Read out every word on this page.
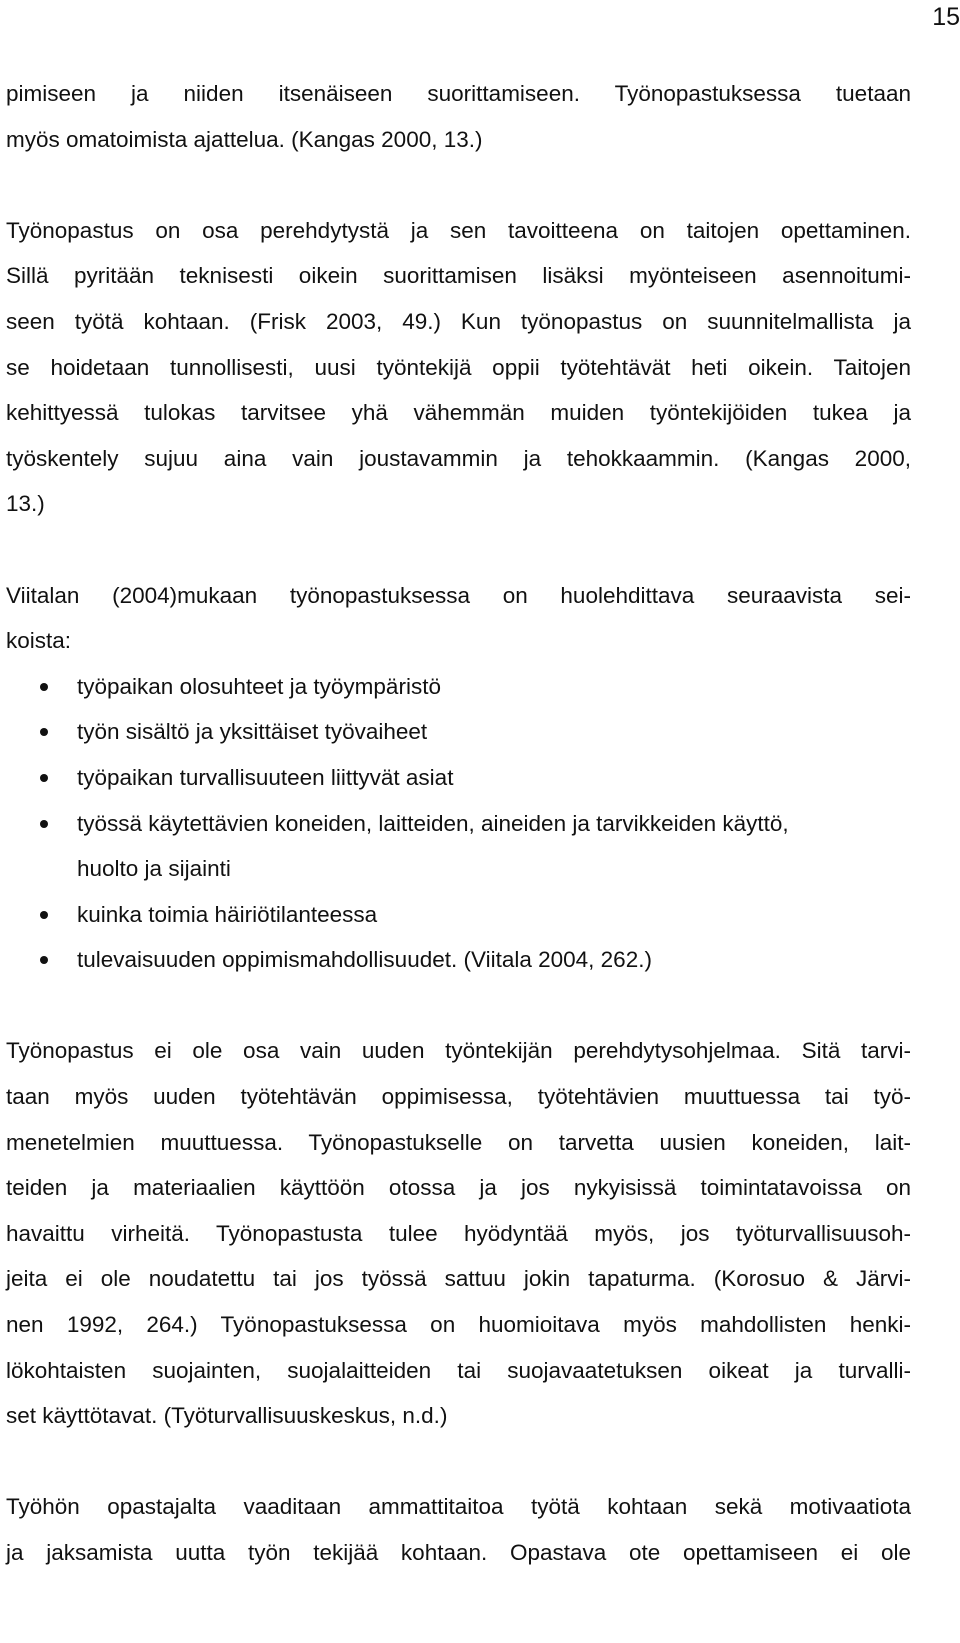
15
pimiseen ja niiden itsenäiseen suorittamiseen. Työnopastuksessa tuetaan
myös omatoimista ajattelua. (Kangas 2000, 13.)
Työnopastus on osa perehdytystä ja sen tavoitteena on taitojen opettaminen.
Sillä pyritään teknisesti oikein suorittamisen lisäksi myönteiseen asennoitumi-
seen työtä kohtaan. (Frisk 2003, 49.) Kun työnopastus on suunnitelmallista ja
se hoidetaan tunnollisesti, uusi työntekijä oppii työtehtävät heti oikein. Taitojen
kehittyessä tulokas tarvitsee yhä vähemmän muiden työntekijöiden tukea ja
työskentely sujuu aina vain joustavammin ja tehokkaammin. (Kangas 2000,
13.)
Viitalan (2004)mukaan työnopastuksessa on huolehdittava seuraavista sei-
koista:
työpaikan olosuhteet ja työympäristö
työn sisältö ja yksittäiset työvaiheet
työpaikan turvallisuuteen liittyvät asiat
työssä käytettävien koneiden, laitteiden, aineiden ja tarvikkeiden käyttö,
huolto ja sijainti
kuinka toimia häiriötilanteessa
tulevaisuuden oppimismahdollisuudet. (Viitala 2004, 262.)
Työnopastus ei ole osa vain uuden työntekijän perehdytysohjelmaa. Sitä tarvi-
taan myös uuden työtehtävän oppimisessa, työtehtävien muuttuessa tai työ-
menetelmien muuttuessa. Työnopastukselle on tarvetta uusien koneiden, lait-
teiden ja materiaalien käyttöön otossa ja jos nykyisissä toimintatavoissa on
havaittu virheitä. Työnopastusta tulee hyödyntää myös, jos työturvallisuusoh-
jeita ei ole noudatettu tai jos työssä sattuu jokin tapaturma. (Korosuo & Järvi-
nen 1992, 264.) Työnopastuksessa on huomioitava myös mahdollisten henki-
lökohtaisten suojainten, suojalaitteiden tai suojavaatetuksen oikeat ja turvalli-
set käyttötavat. (Työturvallisuuskeskus, n.d.)
Työhön opastajalta vaaditaan ammattitaitoa työtä kohtaan sekä motivaatiota
ja jaksamista uutta työn tekijää kohtaan. Opastava ote opettamiseen ei ole
